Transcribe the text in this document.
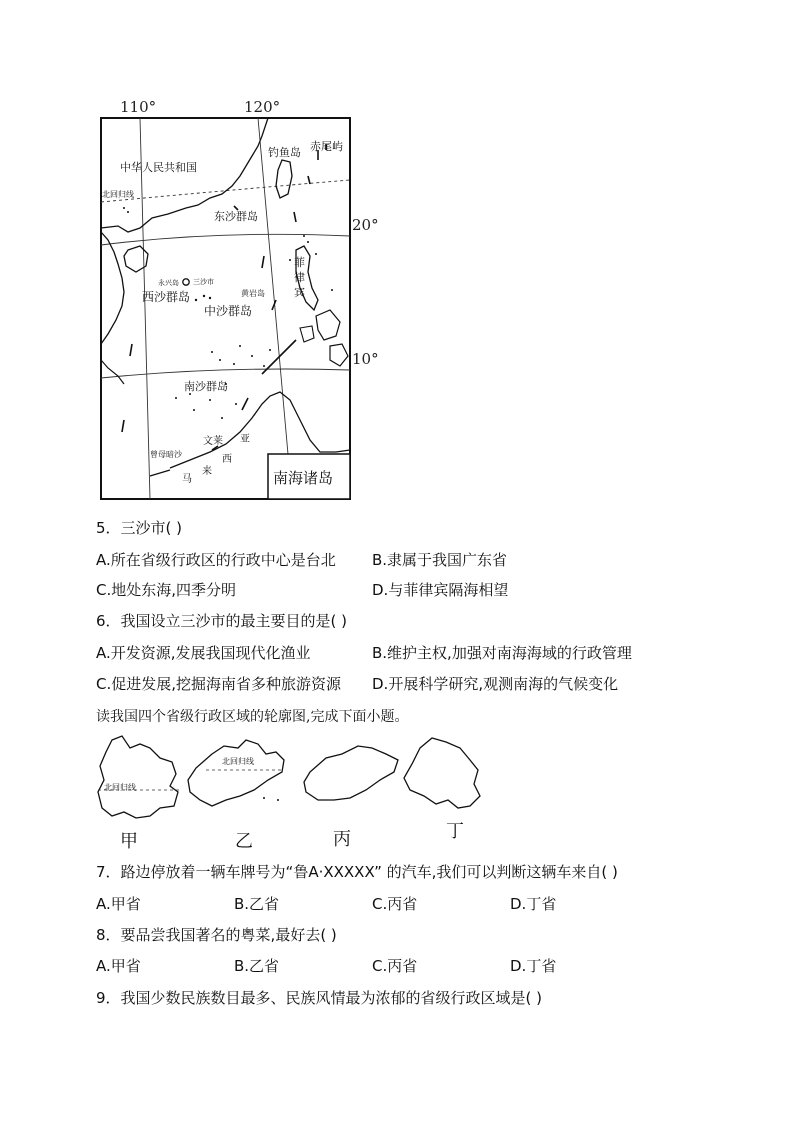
110°	120°
20°
10°
中华人民共和国
北回归线
钓鱼岛 赤尾屿
东沙群岛
永兴岛 三沙市
西沙群岛	黄岩岛
中沙群岛
菲
律
宾
南沙群岛
文莱 亚
西
曾母暗沙
来
马	南海诸岛
5．三沙市( )
A.所在省级行政区的行政中心是台北 B.隶属于我国广东省
C.地处东海,四季分明	D.与菲律宾隔海相望
6．我国设立三沙市的最主要目的是( )
A.开发资源,发展我国现代化渔业	B.维护主权,加强对南海海域的行政管理
C.促进发展,挖掘海南省多种旅游资源 D.开展科学研究,观测南海的气候变化
读我国四个省级行政区域的轮廓图,完成下面小题。
北回归线
北回归线
甲	乙	丙	丁
7．路边停放着一辆车牌号为“鲁A·XXXXX” 的汽车,我们可以判断这辆车来自( )
A.甲省	B.乙省	C.丙省	D.丁省
8．要品尝我国著名的粤菜,最好去( )
A.甲省	B.乙省	C.丙省	D.丁省
9．我国少数民族数目最多、民族风情最为浓郁的省级行政区域是( )
